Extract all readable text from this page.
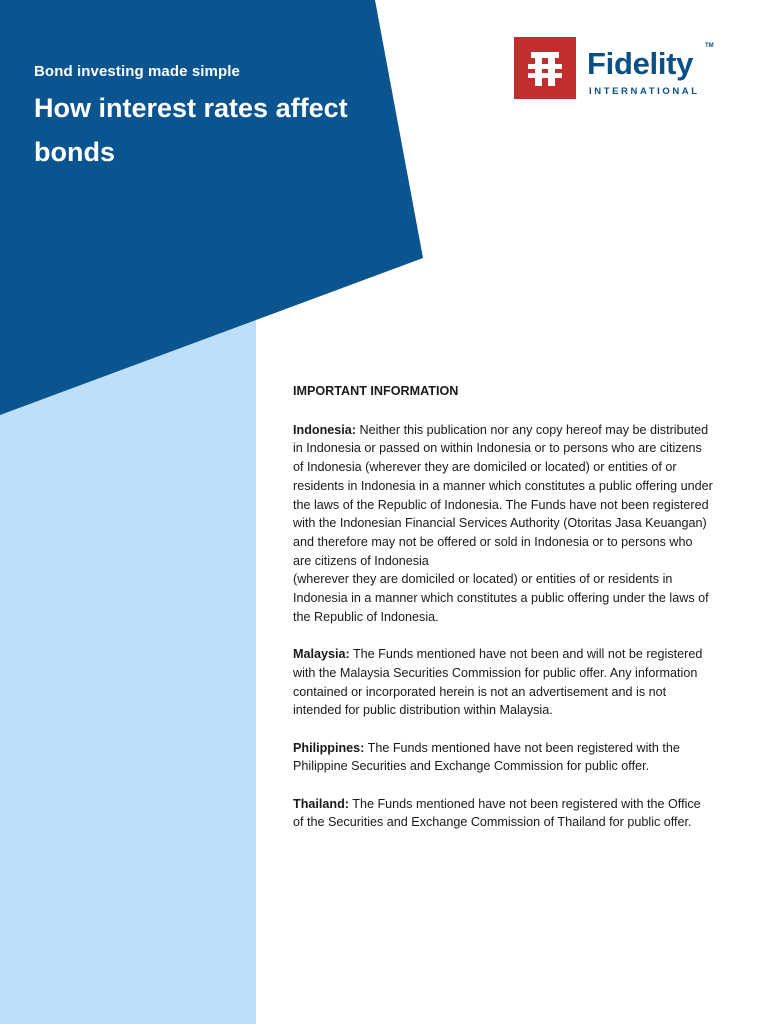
Bond investing made simple
How interest rates affect bonds
Fidelity TM
INTERNATIONAL
IMPORTANT INFORMATION

Indonesia: Neither this publication nor any copy hereof may be distributed in Indonesia or passed on within Indonesia or to persons who are citizens of Indonesia (wherever they are domiciled or located) or entities of or residents in Indonesia in a manner which constitutes a public offering under the laws of the Republic of Indonesia. The Funds have not been registered with the Indonesian Financial Services Authority (Otoritas Jasa Keuangan) and therefore may not be offered or sold in Indonesia or to persons who are citizens of Indonesia
(wherever they are domiciled or located) or entities of or residents in Indonesia in a manner which constitutes a public offering under the laws of the Republic of Indonesia.

Malaysia: The Funds mentioned have not been and will not be registered with the Malaysia Securities Commission for public offer. Any information contained or incorporated herein is not an advertisement and is not intended for public distribution within Malaysia.

Philippines: The Funds mentioned have not been registered with the Philippine Securities and Exchange Commission for public offer.

Thailand: The Funds mentioned have not been registered with the Office of the Securities and Exchange Commission of Thailand for public offer.
